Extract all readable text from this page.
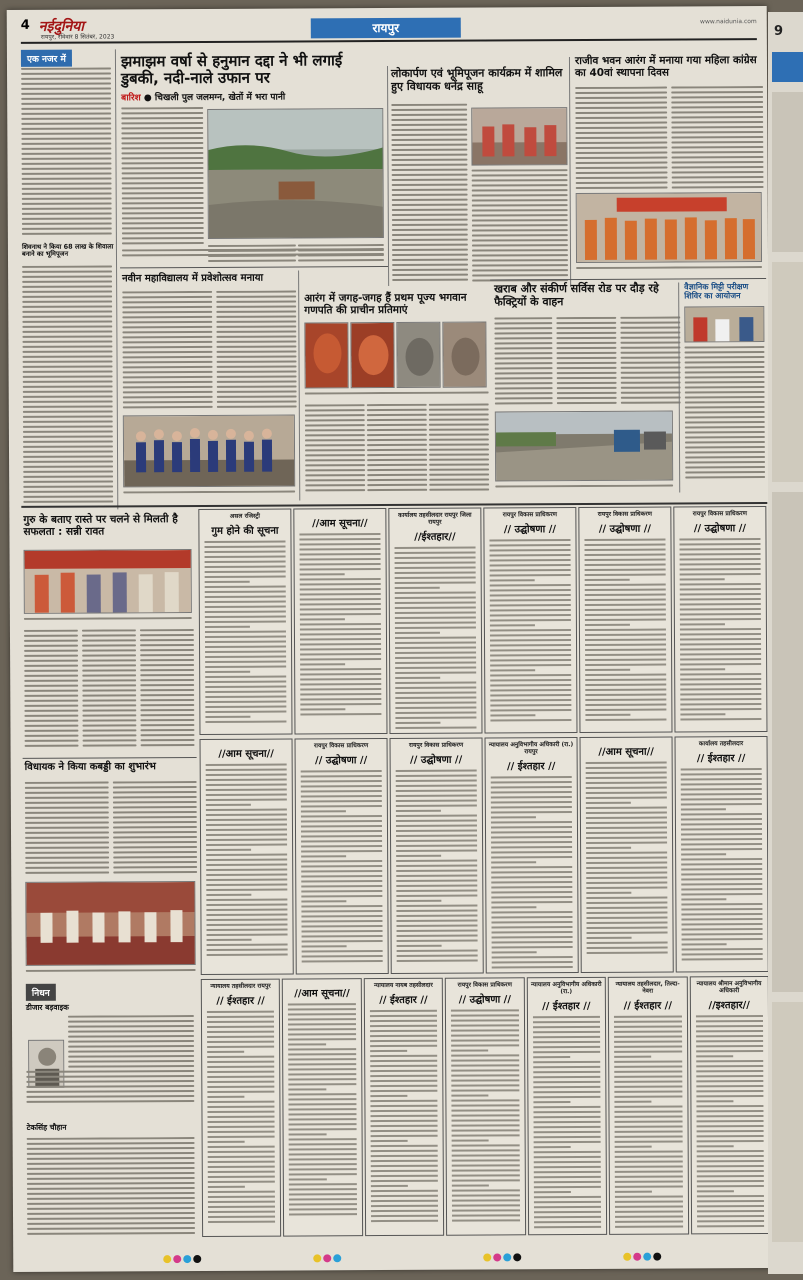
4 नईदुनिया
रायपुर, रविवार 8 सितंबर, 2023
रायपुर	www.naidunia.com
एक नजर में
शिवनाथ ने किया 68 लाख के शिवाला बनाने का भूमिपूजन
झमाझम वर्षा से हनुमान दद्दा ने भी लगाई डुबकी, नदी-नाले उफान पर
बारिश ● चिखली पुल जलमग्न, खेतों में भरा पानी
नवीन महाविद्यालय में प्रवेशोत्सव मनाया
आरंग में जगह-जगह हैं प्रथम पूज्य भगवान गणपति की प्राचीन प्रतिमाएं
लोकार्पण एवं भूमिपूजन कार्यक्रम में शामिल हुए विधायक धनेंद्र साहू
राजीव भवन आरंग में मनाया गया महिला कांग्रेस का 40वां स्थापना दिवस
खराब और संकीर्ण सर्विस रोड पर दौड़ रहे फैक्ट्रियों के वाहन
वैज्ञानिक मिट्टी परीक्षण शिविर का आयोजन
गुरु के बताए रास्ते पर चलने से मिलती है सफलता : सन्नी रावत
विधायक ने किया कबड्डी का शुभारंभ
निधन
डीजार बड़वाइक
टेकसिंह चौहान
असल रजिस्ट्री
गुम होने की सूचना
//आम सूचना//
कार्यालय तहसीलदार रायपुर जिला रायपुर
//ईश्तहार//
रायपुर विकास प्राधिकरण
// उद्घोषणा //
रायपुर विकास प्राधिकरण
// उद्घोषणा //
रायपुर विकास प्राधिकरण
// उद्घोषणा //
//आम सूचना//
रायपुर विकास प्राधिकरण
// उद्घोषणा //
रायपुर विकास प्राधिकरण
// उद्घोषणा //
न्यायालय अनुविभागीय अधिकारी (रा.) रायपुर
// ईश्तहार //
//आम सूचना//
कार्यालय तहसीलदार
// ईश्तहार //
न्यायालय तहसीलदार रायपुर
// ईश्तहार //
//आम सूचना//
न्यायालय नायब तहसीलदार
// ईश्तहार //
रायपुर विकास प्राधिकरण
// उद्घोषणा //
न्यायालय अनुविभागीय अधिकारी (रा.)
// ईश्तहार //
न्यायालय तहसीलदार, तिल्दा-नेवरा
// ईश्तहार //
न्यायालय श्रीमान अनुविभागीय अधिकारी
//इश्तहार//
9
